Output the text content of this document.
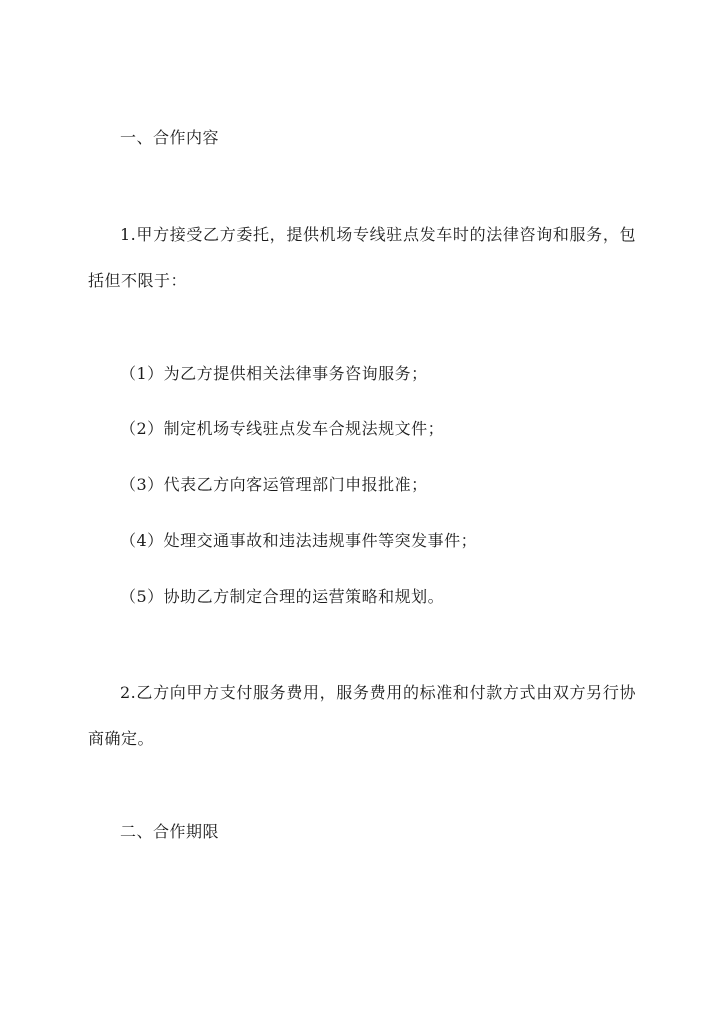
一、合作内容
1.甲方接受乙方委托，提供机场专线驻点发车时的法律咨询和服务，包括但不限于：
（1）为乙方提供相关法律事务咨询服务；
（2）制定机场专线驻点发车合规法规文件；
（3）代表乙方向客运管理部门申报批准；
（4）处理交通事故和违法违规事件等突发事件；
（5）协助乙方制定合理的运营策略和规划。
2.乙方向甲方支付服务费用，服务费用的标准和付款方式由双方另行协商确定。
二、合作期限
